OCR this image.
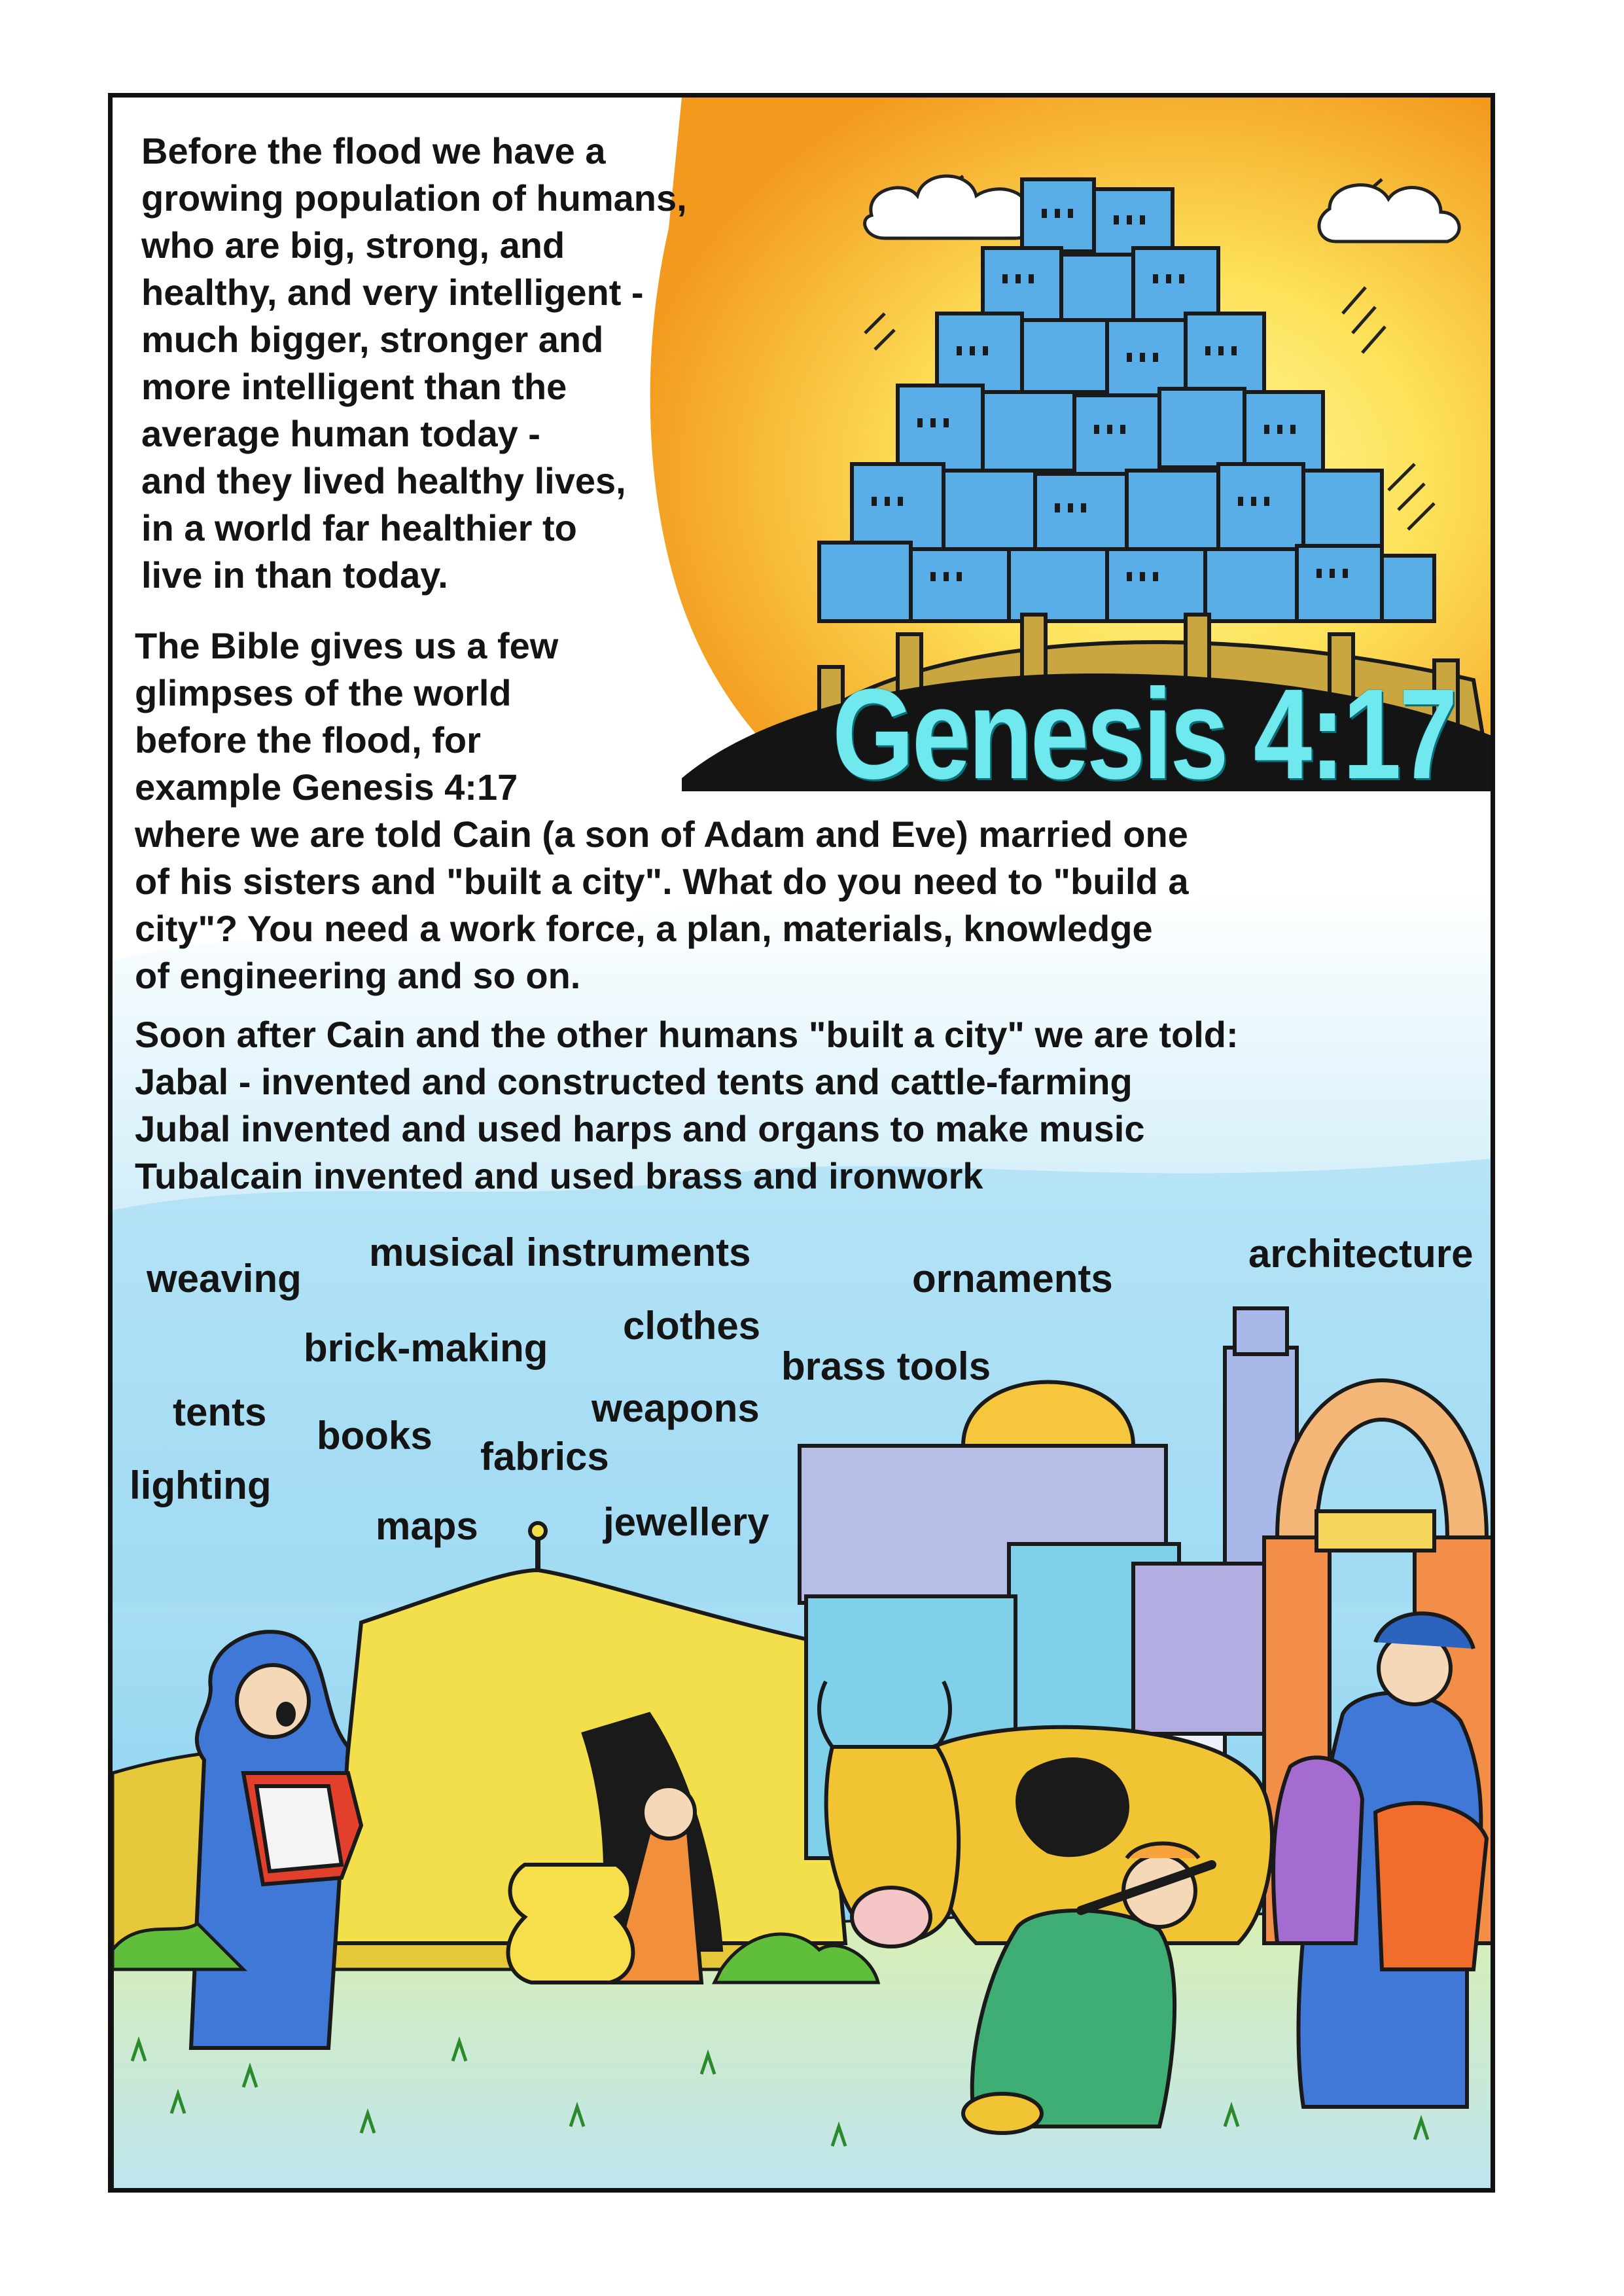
Before the flood we have a
growing population of humans,
who are big, strong, and
healthy, and very intelligent -
much bigger, stronger and
more intelligent than the
average human today -
and they lived healthy lives,
in a world far healthier to
live in than today.
The Bible gives us a few
glimpses of the world
before the flood, for
example Genesis 4:17
where we are told Cain (a son of Adam and Eve) married one
of his sisters and "built a city". What do you need to "build a
city"? You need a work force, a plan, materials, knowledge
of engineering and so on.
Soon after Cain and the other humans "built a city" we are told:
Jabal - invented and constructed tents and cattle-farming
Jubal invented and used harps and organs to make music
Tubalcain invented and used brass and ironwork
Genesis 4:17
weaving
musical instruments
ornaments
architecture
clothes
brick-making	brass tools
tents	weapons
books fabrics
lighting
maps	jewellery
